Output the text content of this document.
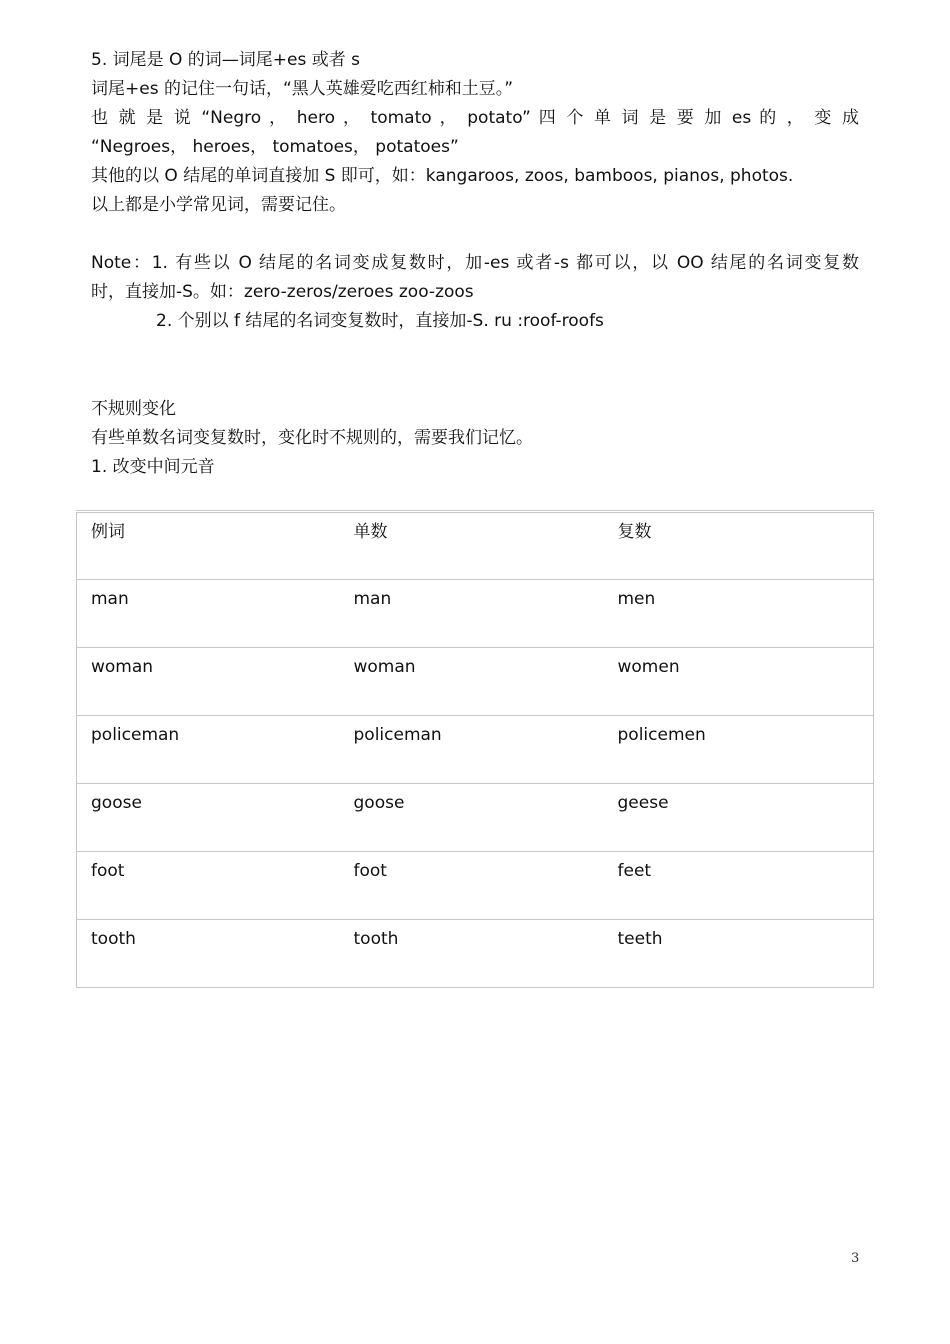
5. 词尾是 O 的词—词尾+es 或者 s
词尾+es 的记住一句话，“黑人英雄爱吃西红柿和土豆。”
也 就 是 说 “Negro ， hero ， tomato ， potato” 四 个 单 词 是 要 加 es 的 ， 变 成
“Negroes， heroes， tomatoes， potatoes”
其他的以 O 结尾的单词直接加 S 即可，如：kangaroos, zoos, bamboos, pianos, photos.
以上都是小学常见词，需要记住。
Note：1. 有些以 O 结尾的名词变成复数时，加-es 或者-s 都可以，以 OO 结尾的名词变复数
时，直接加-S。如：zero-zeros/zeroes zoo-zoos
2. 个别以 f 结尾的名词变复数时，直接加-S. ru :roof-roofs
不规则变化
有些单数名词变复数时，变化时不规则的，需要我们记忆。
1. 改变中间元音
例词	单数	复数
man	man	men
woman	woman	women
policeman	policeman	policemen
goose	goose	geese
foot	foot	feet
tooth	tooth	teeth
3
